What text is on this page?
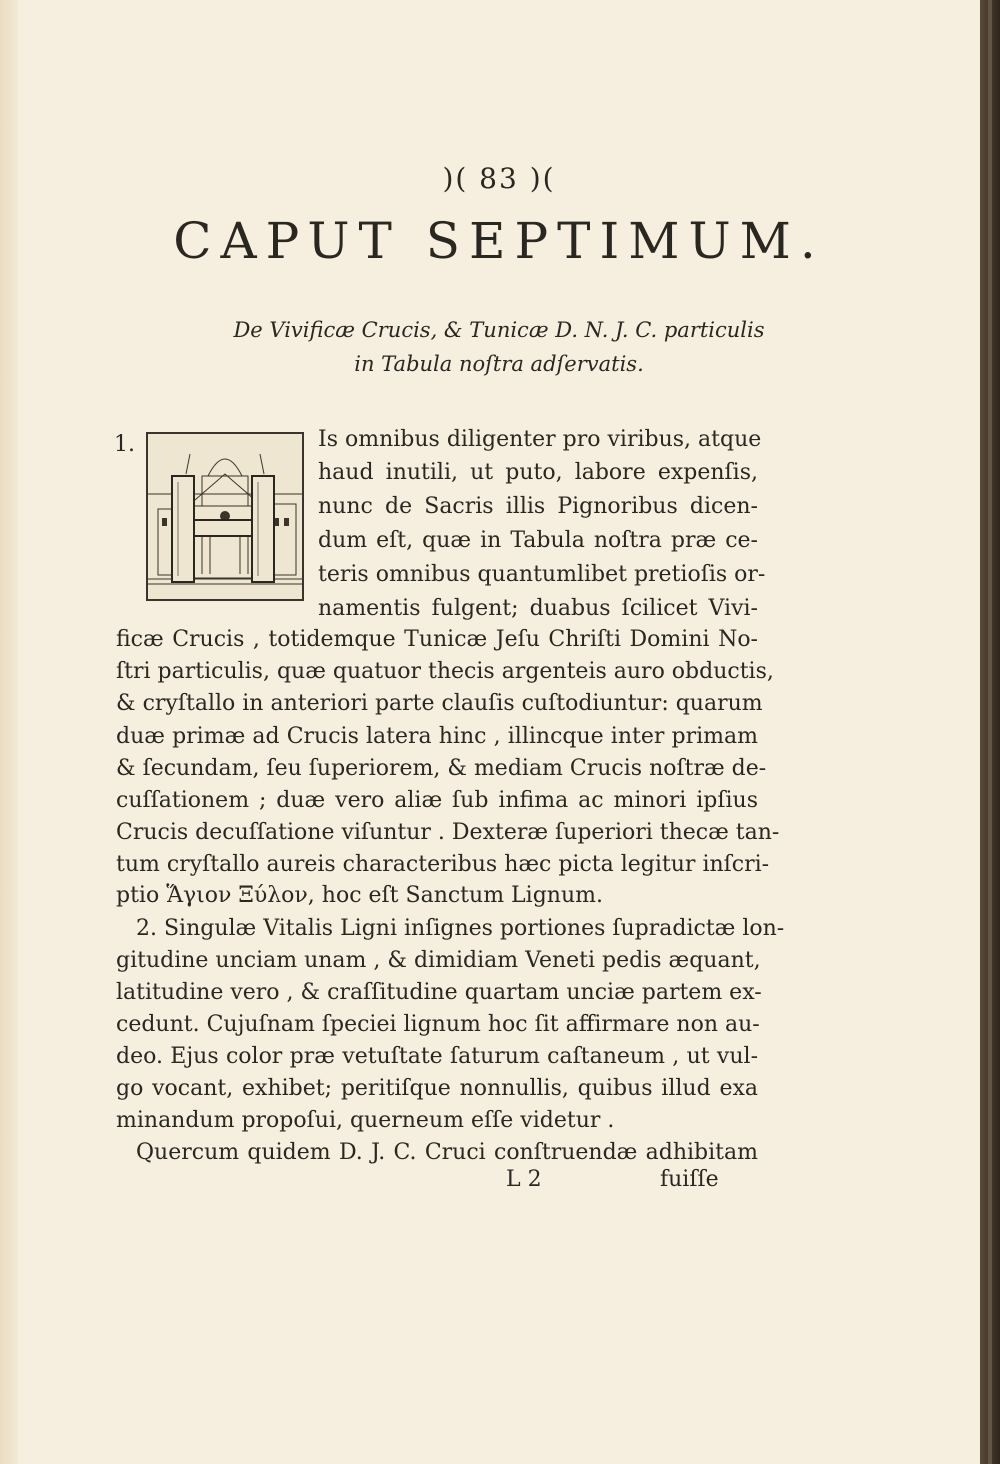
)( 83 )(
CAPUT SEPTIMUM.
De Vivificæ Crucis, & Tunicæ D. N. J. C. particulis
in Tabula noſtra adſervatis.
1.	Is omnibus diligenter pro viribus, atque
haud inutili, ut puto, labore expenſis,
nunc de Sacris illis Pignoribus dicen-
dum eſt, quæ in Tabula noſtra præ ce-
teris omnibus quantumlibet pretioſis or-
namentis fulgent; duabus ſcilicet Vivi-
ficæ Crucis , totidemque Tunicæ Jeſu Chriſti Domini No-
ſtri particulis, quæ quatuor thecis argenteis auro obductis,
& cryſtallo in anteriori parte clauſis cuſtodiuntur: quarum
duæ primæ ad Crucis latera hinc , illincque inter primam
& ſecundam, ſeu ſuperiorem, & mediam Crucis noſtræ de-
cuſſationem ; duæ vero aliæ ſub infima ac minori ipſius
Crucis decuſſatione viſuntur . Dexteræ ſuperiori thecæ tan-
tum cryſtallo aureis characteribus hæc picta legitur inſcri-
ptio Ἅγιον Ξύλον, hoc eſt Sanctum Lignum.
2. Singulæ Vitalis Ligni inſignes portiones ſupradictæ lon-
gitudine unciam unam , & dimidiam Veneti pedis æquant,
latitudine vero , & craſſitudine quartam unciæ partem ex-
cedunt. Cujuſnam ſpeciei lignum hoc ſit affirmare non au-
deo. Ejus color præ vetuſtate ſaturum caſtaneum , ut vul-
go vocant, exhibet; peritiſque nonnullis, quibus illud exa
minandum propoſui, querneum eſſe videtur .
Quercum quidem D. J. C. Cruci conſtruendæ adhibitam
L 2	fuiſſe
